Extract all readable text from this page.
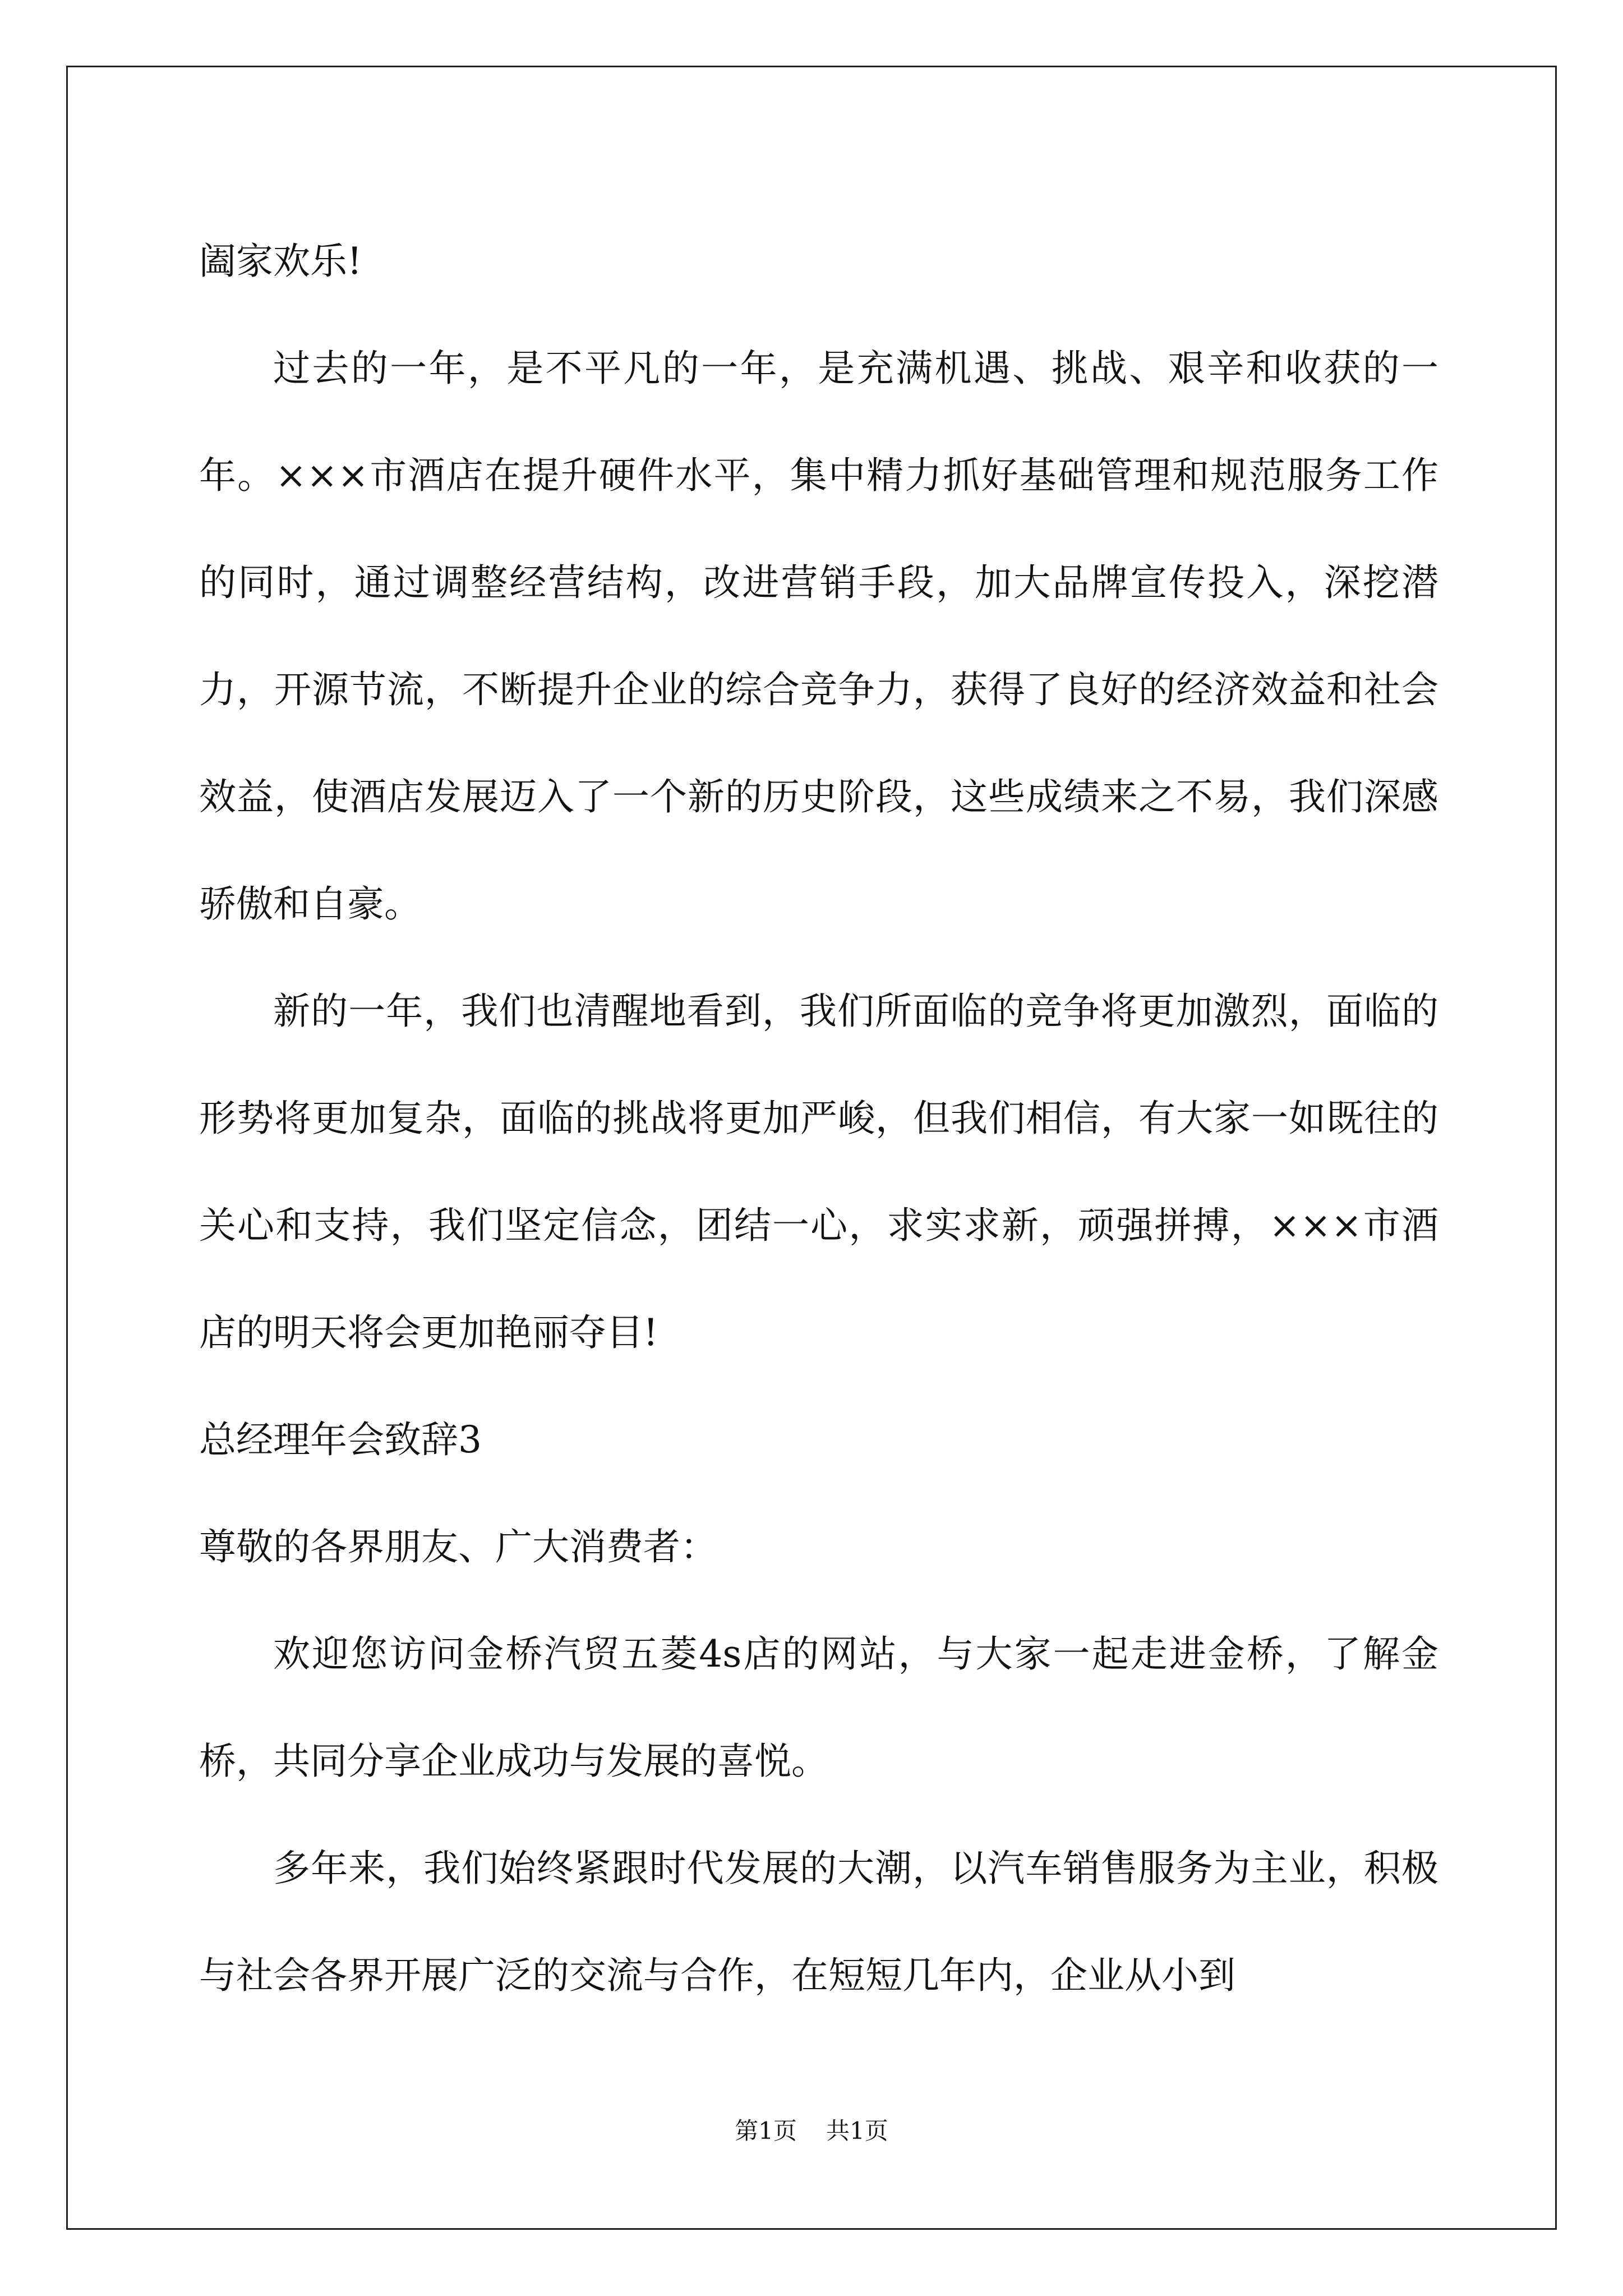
阖家欢乐!

过去的一年，是不平凡的一年，是充满机遇、挑战、艰辛和收获的一年。×××市酒店在提升硬件水平，集中精力抓好基础管理和规范服务工作的同时，通过调整经营结构，改进营销手段，加大品牌宣传投入，深挖潜力，开源节流，不断提升企业的综合竞争力，获得了良好的经济效益和社会效益，使酒店发展迈入了一个新的历史阶段，这些成绩来之不易，我们深感骄傲和自豪。

新的一年，我们也清醒地看到，我们所面临的竞争将更加激烈，面临的形势将更加复杂，面临的挑战将更加严峻，但我们相信，有大家一如既往的关心和支持，我们坚定信念，团结一心，求实求新，顽强拼搏，×××市酒店的明天将会更加艳丽夺目!

总经理年会致辞3

尊敬的各界朋友、广大消费者：

欢迎您访问金桥汽贸五菱4s店的网站，与大家一起走进金桥，了解金桥，共同分享企业成功与发展的喜悦。

多年来，我们始终紧跟时代发展的大潮，以汽车销售服务为主业，积极与社会各界开展广泛的交流与合作，在短短几年内，企业从小到

第1页 共1页
